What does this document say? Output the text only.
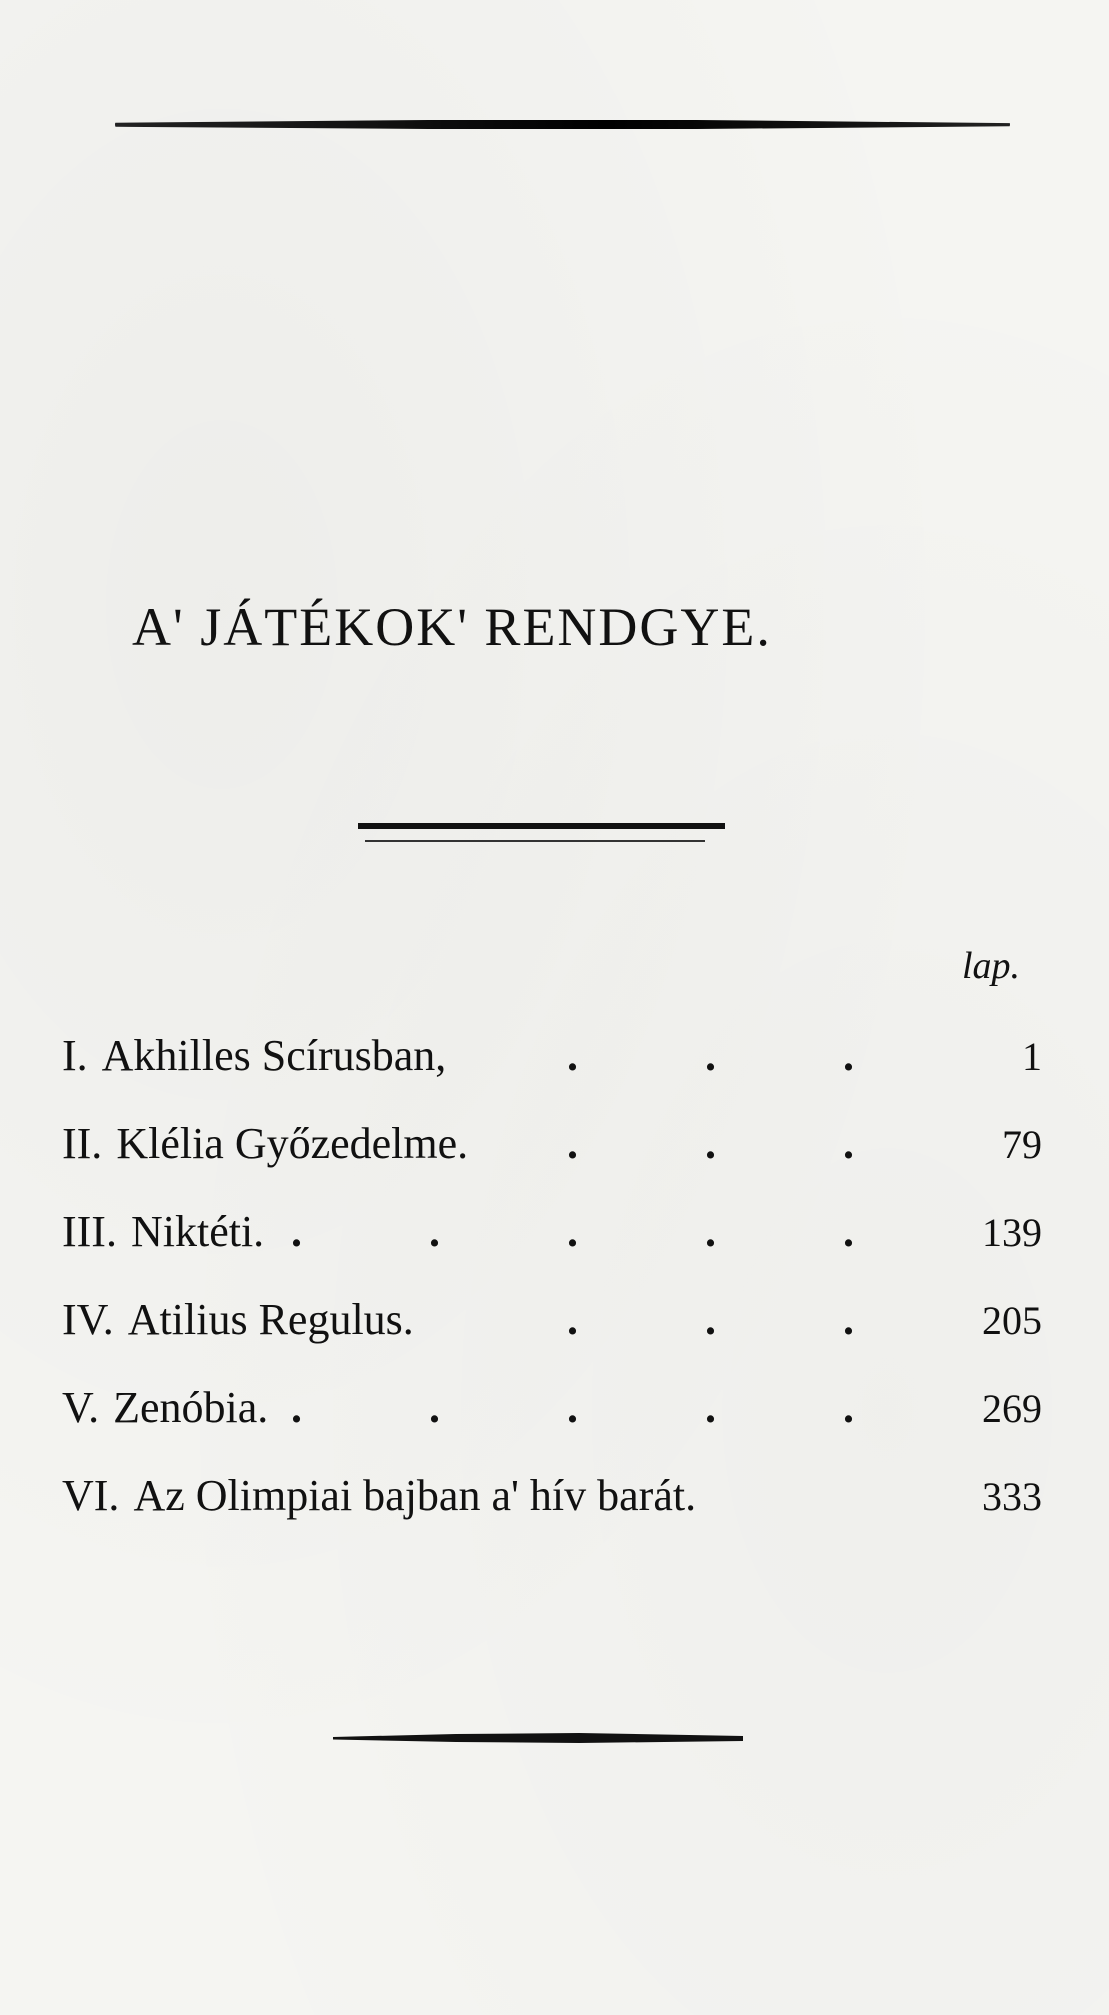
A' JÁTÉKOK' RENDGYE.
lap.
I. Akhilles Scírusban,	. . .	1
II. Klélia Győzedelme.	. . .	79
III. Niktéti. . . . . .	139
IV. Atilius Regulus.	. . .	205
V. Zenóbia. . . . . .	269
VI. Az Olimpiai bajban a' hív barát.	333
